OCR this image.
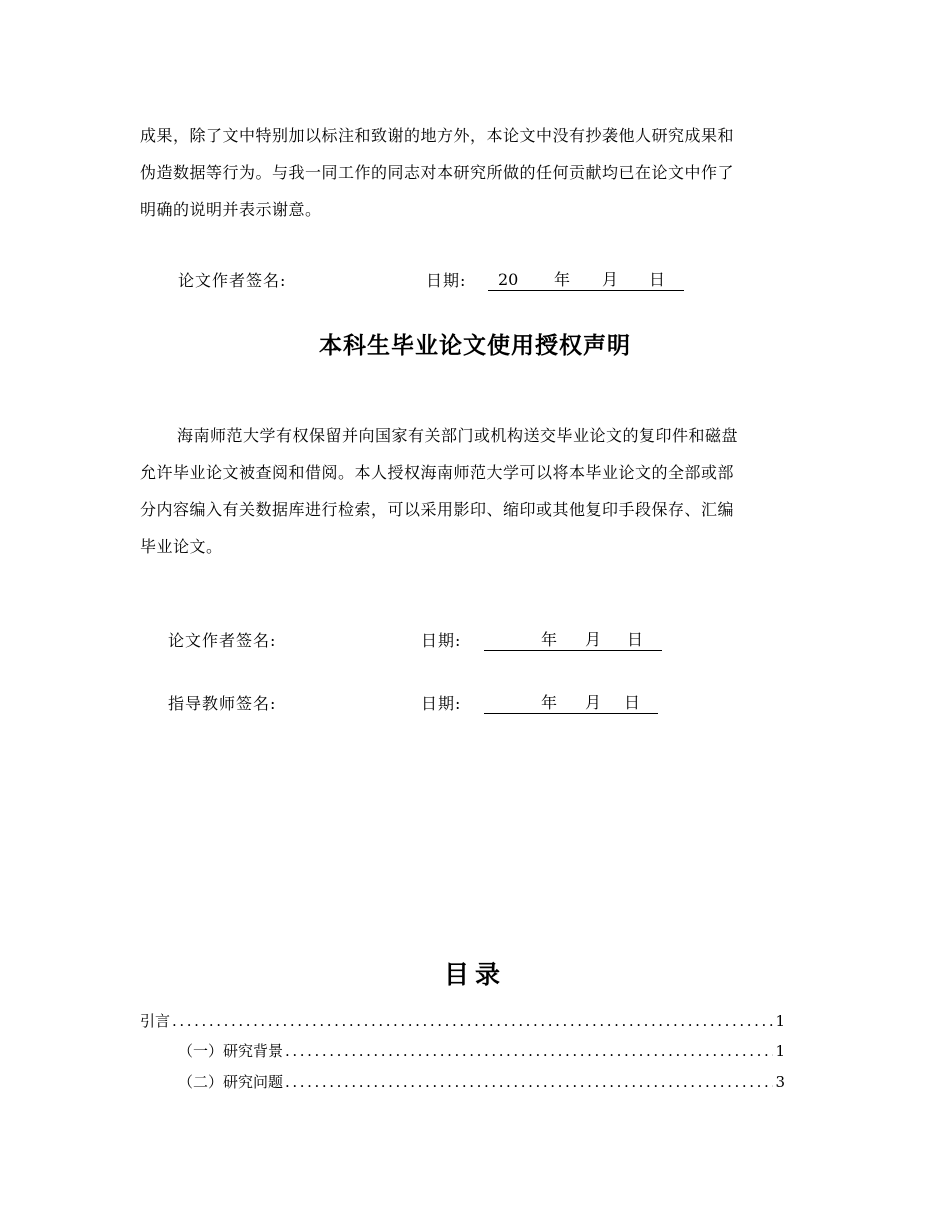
成果，除了文中特别加以标注和致谢的地方外，本论文中没有抄袭他人研究成果和
伪造数据等行为。与我一同工作的同志对本研究所做的任何贡献均已在论文中作了
明确的说明并表示谢意。
论文作者签名:	日期: 20 年 月 日
本科生毕业论文使用授权声明
海南师范大学有权保留并向国家有关部门或机构送交毕业论文的复印件和磁盘
允许毕业论文被查阅和借阅。本人授权海南师范大学可以将本毕业论文的全部或部
分内容编入有关数据库进行检索，可以采用影印、缩印或其他复印手段保存、汇编
毕业论文。
论文作者签名:	日期:	年 月 日
指导教师签名:	日期:	年 月 日
目录
引言 .....	1
（一）研究背景 .....	1
（二）研究问题 .....	3
